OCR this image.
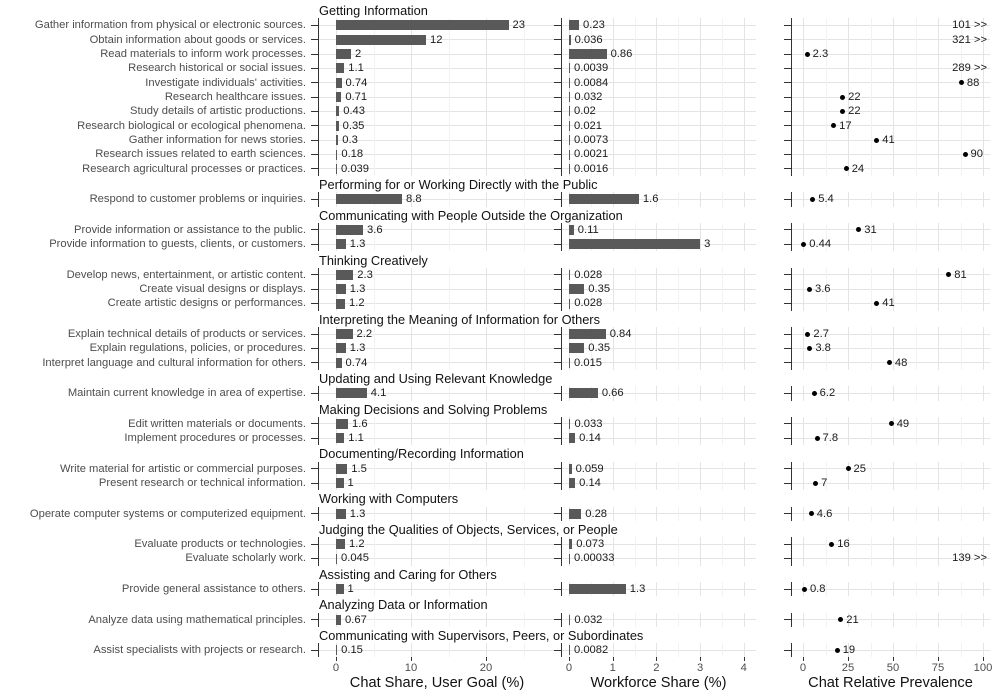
Chat Share, User Goal (%)	Workforce Share (%)	Chat Relative Prevalence
Getting Information
Gather information from physical or electronic sources.	23	0.23	101 >>
Obtain information about goods or services.	12	0.036	321 >>
Read materials to inform work processes.	2	0.86	2.3
Research historical or social issues.	1.1	0.0039	289 >>
Investigate individuals' activities.	0.74	0.0084	88
Research healthcare issues.	0.71	0.032	22
Study details of artistic productions.	0.43	0.02	22
Research biological or ecological phenomena.	0.35	0.021	17
Gather information for news stories.	0.3	0.0073	41
Research issues related to earth sciences.	0.18	0.0021	90
Research agricultural processes or practices.	0.039	0.0016	24
Performing for or Working Directly with the Public
Respond to customer problems or inquiries.	8.8	1.6	5.4
Communicating with People Outside the Organization
Provide information or assistance to the public.	3.6	0.11	31
Provide information to guests, clients, or customers.	1.3	3	0.44
Thinking Creatively
Develop news, entertainment, or artistic content.	2.3	0.028	81
Create visual designs or displays.	1.3	0.35	3.6
Create artistic designs or performances.	1.2	0.028	41
Interpreting the Meaning of Information for Others
Explain technical details of products or services.	2.2	0.84	2.7
Explain regulations, policies, or procedures.	1.3	0.35	3.8
Interpret language and cultural information for others.	0.74	0.015	48
Updating and Using Relevant Knowledge
Maintain current knowledge in area of expertise.	4.1	0.66	6.2
Making Decisions and Solving Problems
Edit written materials or documents.	1.6	0.033	49
Implement procedures or processes.	1.1	0.14	7.8
Documenting/Recording Information
Write material for artistic or commercial purposes.	1.5	0.059	25
Present research or technical information.	1	0.14	7
Working with Computers
Operate computer systems or computerized equipment.	1.3	0.28	4.6
Judging the Qualities of Objects, Services, or People
Evaluate products or technologies.	1.2	0.073	16
Evaluate scholarly work.	0.045	0.00033	139 >>
Assisting and Caring for Others
Provide general assistance to others.	1	1.3	0.8
Analyzing Data or Information
Analyze data using mathematical principles.	0.67	0.032	21
Communicating with Supervisors, Peers, or Subordinates
Assist specialists with projects or research.	0.15	0.0082	19
0	10	20	0	1	2	3	4	0	25	50	75	100
